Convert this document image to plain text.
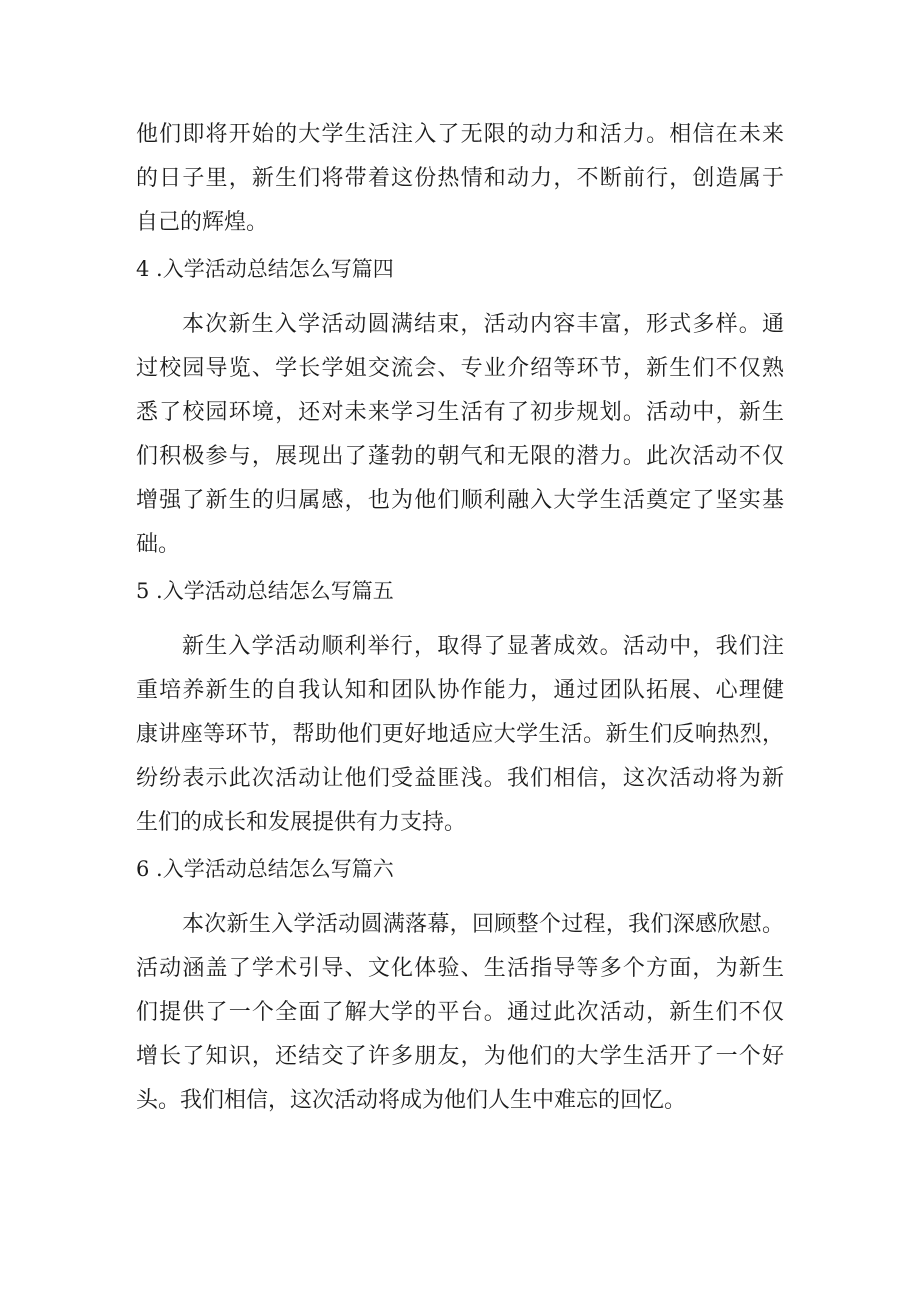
他们即将开始的大学生活注入了无限的动力和活力。相信在未来
的日子里，新生们将带着这份热情和动力，不断前行，创造属于
自己的辉煌。
4 .入学活动总结怎么写篇四
本次新生入学活动圆满结束，活动内容丰富，形式多样。通
过校园导览、学长学姐交流会、专业介绍等环节，新生们不仅熟
悉了校园环境，还对未来学习生活有了初步规划。活动中，新生
们积极参与，展现出了蓬勃的朝气和无限的潜力。此次活动不仅
增强了新生的归属感，也为他们顺利融入大学生活奠定了坚实基
础。
5 .入学活动总结怎么写篇五
新生入学活动顺利举行，取得了显著成效。活动中，我们注
重培养新生的自我认知和团队协作能力，通过团队拓展、心理健
康讲座等环节，帮助他们更好地适应大学生活。新生们反响热烈，
纷纷表示此次活动让他们受益匪浅。我们相信，这次活动将为新
生们的成长和发展提供有力支持。
6 .入学活动总结怎么写篇六
本次新生入学活动圆满落幕，回顾整个过程，我们深感欣慰。
活动涵盖了学术引导、文化体验、生活指导等多个方面，为新生
们提供了一个全面了解大学的平台。通过此次活动，新生们不仅
增长了知识，还结交了许多朋友，为他们的大学生活开了一个好
头。我们相信，这次活动将成为他们人生中难忘的回忆。
